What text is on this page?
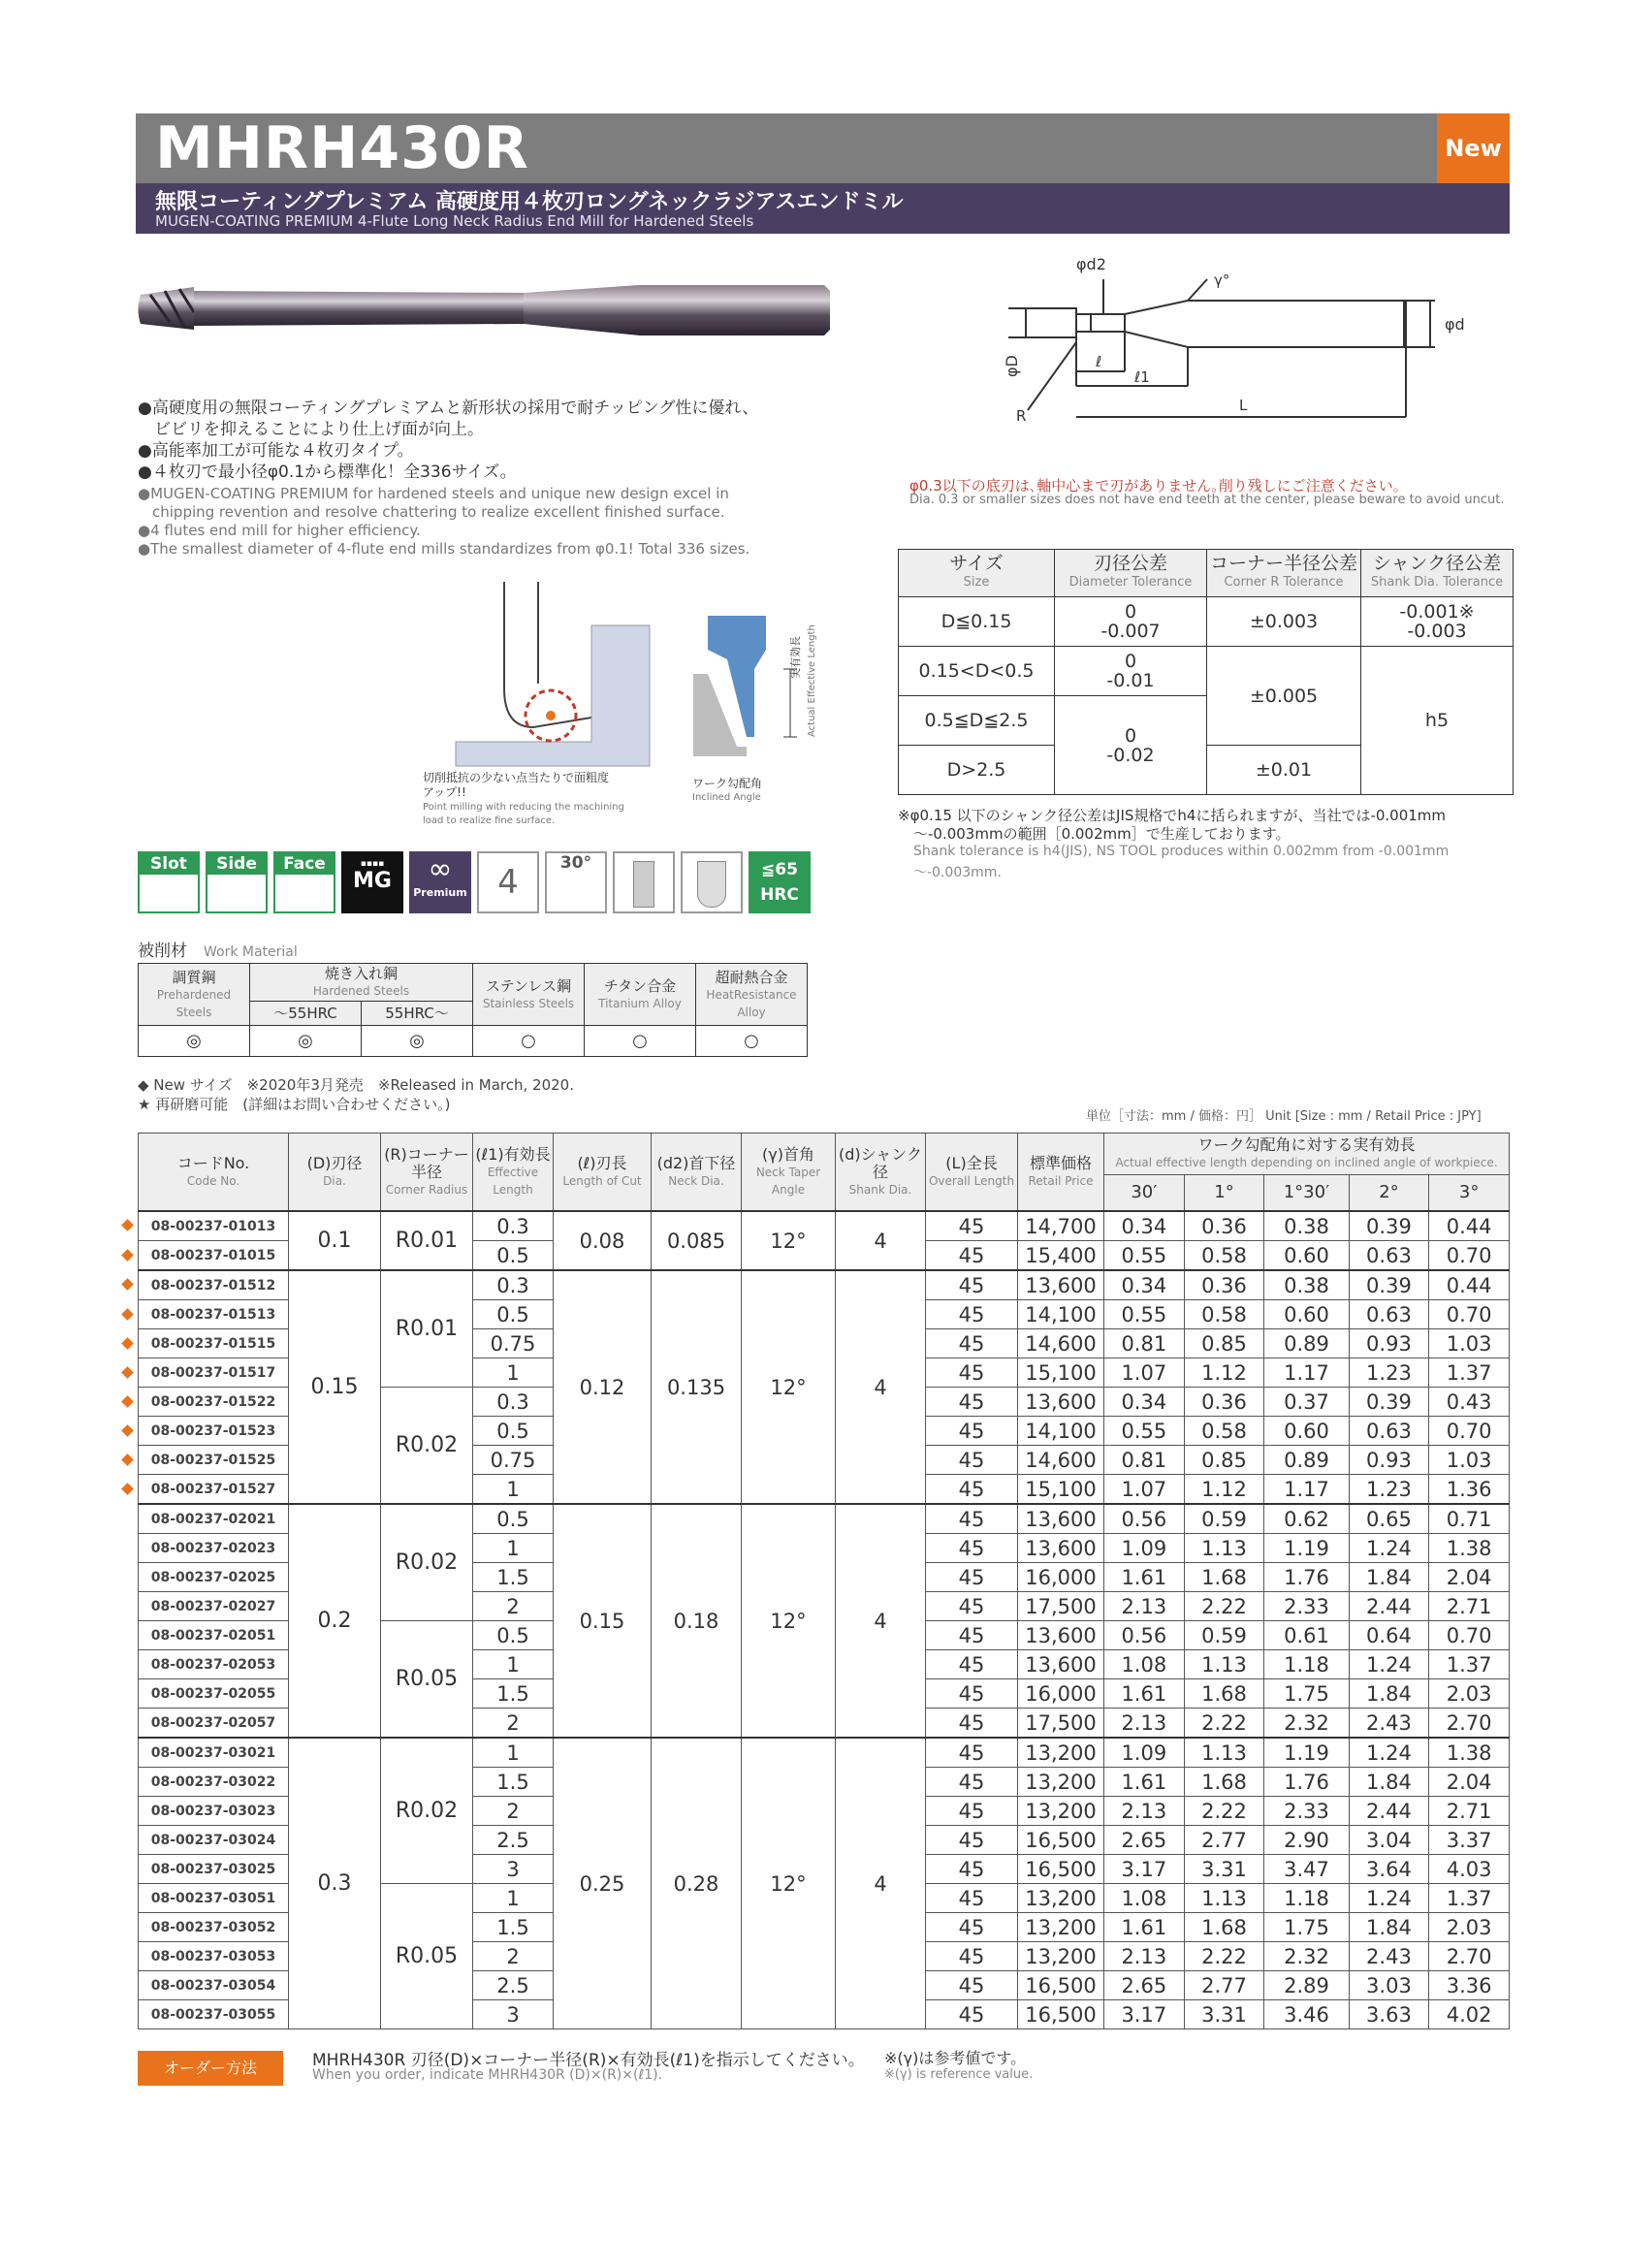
MHRH430R	New
無限コーティングプレミアム 高硬度用４枚刃ロングネックラジアスエンドミル
MUGEN-COATING PREMIUM 4-Flute Long Neck Radius End Mill for Hardened Steels
●高硬度用の無限コーティングプレミアムと新形状の採用で耐チッピング性に優れ、
　ビビリを抑えることにより仕上げ面が向上。
●高能率加工が可能な４枚刃タイプ。
●４枚刃で最小径φ0.1から標準化！全336サイズ。
●MUGEN-COATING PREMIUM for hardened steels and unique new design excel in
　chipping revention and resolve chattering to realize excellent finished surface.
●4 flutes end mill for higher efficiency.
●The smallest diameter of 4-flute end mills standardizes from φ0.1! Total 336 sizes.
φD
φd2
γ°
φd
ℓ
ℓ1
L
R
φ0.3以下の底刃は､軸中心まで刃がありません｡削り残しにご注意ください｡
Dia. 0.3 or smaller sizes does not have end teeth at the center, please beware to avoid uncut.
サイズ
Size	刃径公差
Diameter Tolerance	コーナー半径公差
Corner R Tolerance	シャンク径公差
Shank Dia. Tolerance

D≦0.15	0
-0.007	±0.003	-0.001※
-0.003
0.15<D<0.5	0
-0.01	±0.005	h5
0.5≦D≦2.5	0
-0.02		
D>2.5		±0.01	
※φ0.15 以下のシャンク径公差はJIS規格でh4に括られますが、当社では-0.001mm
～-0.003mmの範囲［0.002mm］で生産しております。
Shank tolerance is h4(JIS), NS TOOL produces within 0.002mm from -0.001mm
～-0.003mm.
切削抵抗の少ない点当たりで面粗度
アップ!!
Point milling with reducing the machining
load to realize fine surface.
実有効長 Actual Effective Length
ワーク勾配角
Inclined Angle
Slot	Side	Face	▪▪▪▪
MG	∞
Premium 4	30°	≦65 HRC
被削材　 Work Material
調質鋼
Prehardened Steels	焼き入れ鋼
Hardened Steels		ステンレス鋼
Stainless Steels	チタン合金
Titanium Alloy	超耐熱合金
HeatResistance Alloy

	～55HRC	55HRC～			
◎	◎	◎	○	○	○
◆ New サイズ　※2020年3月発売　※Released in March, 2020.
★ 再研磨可能　(詳細はお問い合わせください。)
単位［寸法：mm / 価格：円］ Unit [Size : mm / Retail Price : JPY]
コードNo.
Code No.	(D)刃径
Dia.	(R)コーナー半径
Corner Radius	(ℓ1)有効長
Effective Length	(ℓ)刃長
Length of Cut	(d2)首下径
Neck Dia.	(γ)首角
Neck Taper Angle	(d)シャンク径
Shank Dia.	(L)全長
Overall Length	標準価格
Retail Price	ワーク勾配角に対する実有効長
Actual effective length depending on inclined angle of workpiece.				

										30′	1°	1°30′	2°	3°
08-00237-01013	0.1	R0.01	0.3	0.08	0.085	12°	4	45	14,700	0.34	0.36	0.38	0.39	0.44
08-00237-01015			0.5					45	15,400	0.55	0.58	0.60	0.63	0.70
08-00237-01512	0.15	R0.01	0.3	0.12	0.135	12°	4	45	13,600	0.34	0.36	0.38	0.39	0.44
08-00237-01513			0.5					45	14,100	0.55	0.58	0.60	0.63	0.70
08-00237-01515			0.75					45	14,600	0.81	0.85	0.89	0.93	1.03
08-00237-01517			1					45	15,100	1.07	1.12	1.17	1.23	1.37
08-00237-01522		R0.02	0.3					45	13,600	0.34	0.36	0.37	0.39	0.43
08-00237-01523			0.5					45	14,100	0.55	0.58	0.60	0.63	0.70
08-00237-01525			0.75					45	14,600	0.81	0.85	0.89	0.93	1.03
08-00237-01527			1					45	15,100	1.07	1.12	1.17	1.23	1.36
08-00237-02021	0.2	R0.02	0.5	0.15	0.18	12°	4	45	13,600	0.56	0.59	0.62	0.65	0.71
08-00237-02023			1					45	13,600	1.09	1.13	1.19	1.24	1.38
08-00237-02025			1.5					45	16,000	1.61	1.68	1.76	1.84	2.04
08-00237-02027			2					45	17,500	2.13	2.22	2.33	2.44	2.71
08-00237-02051		R0.05	0.5					45	13,600	0.56	0.59	0.61	0.64	0.70
08-00237-02053			1					45	13,600	1.08	1.13	1.18	1.24	1.37
08-00237-02055			1.5					45	16,000	1.61	1.68	1.75	1.84	2.03
08-00237-02057			2					45	17,500	2.13	2.22	2.32	2.43	2.70
08-00237-03021	0.3	R0.02	1	0.25	0.28	12°	4	45	13,200	1.09	1.13	1.19	1.24	1.38
08-00237-03022			1.5					45	13,200	1.61	1.68	1.76	1.84	2.04
08-00237-03023			2					45	13,200	2.13	2.22	2.33	2.44	2.71
08-00237-03024			2.5					45	16,500	2.65	2.77	2.90	3.04	3.37
08-00237-03025			3					45	16,500	3.17	3.31	3.47	3.64	4.03
08-00237-03051		R0.05	1					45	13,200	1.08	1.13	1.18	1.24	1.37
08-00237-03052			1.5					45	13,200	1.61	1.68	1.75	1.84	2.03
08-00237-03053			2					45	13,200	2.13	2.22	2.32	2.43	2.70
08-00237-03054			2.5					45	16,500	2.65	2.77	2.89	3.03	3.36
08-00237-03055			3					45	16,500	3.17	3.31	3.46	3.63	4.02
オーダー方法	MHRH430R 刃径(D)×コーナー半径(R)×有効長(ℓ1)を指示してください。
When you order, indicate MHRH430R (D)×(R)×(ℓ1).
※(γ)は参考値です。
※(γ) is reference value.
